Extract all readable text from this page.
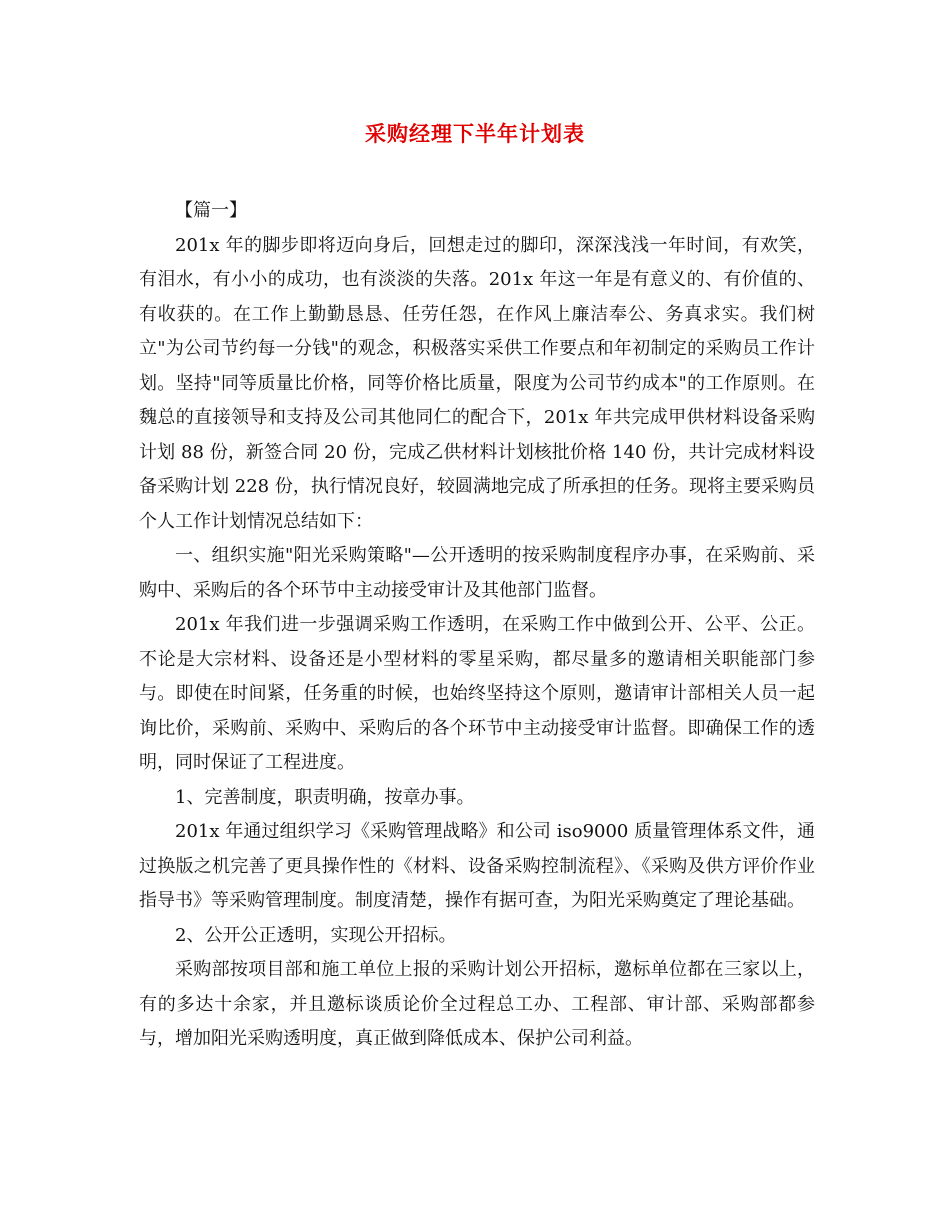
采购经理下半年计划表

【篇一】

201x 年的脚步即将迈向身后，回想走过的脚印，深深浅浅一年时间，有欢笑，有泪水，有小小的成功，也有淡淡的失落。201x 年这一年是有意义的、有价值的、有收获的。在工作上勤勤恳恳、任劳任怨，在作风上廉洁奉公、务真求实。我们树立"为公司节约每一分钱"的观念，积极落实采供工作要点和年初制定的采购员工作计划。坚持"同等质量比价格，同等价格比质量，限度为公司节约成本"的工作原则。在魏总的直接领导和支持及公司其他同仁的配合下，201x 年共完成甲供材料设备采购计划 88 份，新签合同 20 份，完成乙供材料计划核批价格 140 份，共计完成材料设备采购计划 228 份，执行情况良好，较圆满地完成了所承担的任务。现将主要采购员个人工作计划情况总结如下：

一、组织实施"阳光采购策略"—公开透明的按采购制度程序办事，在采购前、采购中、采购后的各个环节中主动接受审计及其他部门监督。

201x 年我们进一步强调采购工作透明，在采购工作中做到公开、公平、公正。不论是大宗材料、设备还是小型材料的零星采购，都尽量多的邀请相关职能部门参与。即使在时间紧，任务重的时候，也始终坚持这个原则，邀请审计部相关人员一起询比价，采购前、采购中、采购后的各个环节中主动接受审计监督。即确保工作的透明，同时保证了工程进度。

1、完善制度，职责明确，按章办事。

201x 年通过组织学习《采购管理战略》和公司 iso9000 质量管理体系文件，通过换版之机完善了更具操作性的《材料、设备采购控制流程》、《采购及供方评价作业指导书》等采购管理制度。制度清楚，操作有据可查，为阳光采购奠定了理论基础。

2、公开公正透明，实现公开招标。

采购部按项目部和施工单位上报的采购计划公开招标，邀标单位都在三家以上，有的多达十余家，并且邀标谈质论价全过程总工办、工程部、审计部、采购部都参与，增加阳光采购透明度，真正做到降低成本、保护公司利益。
